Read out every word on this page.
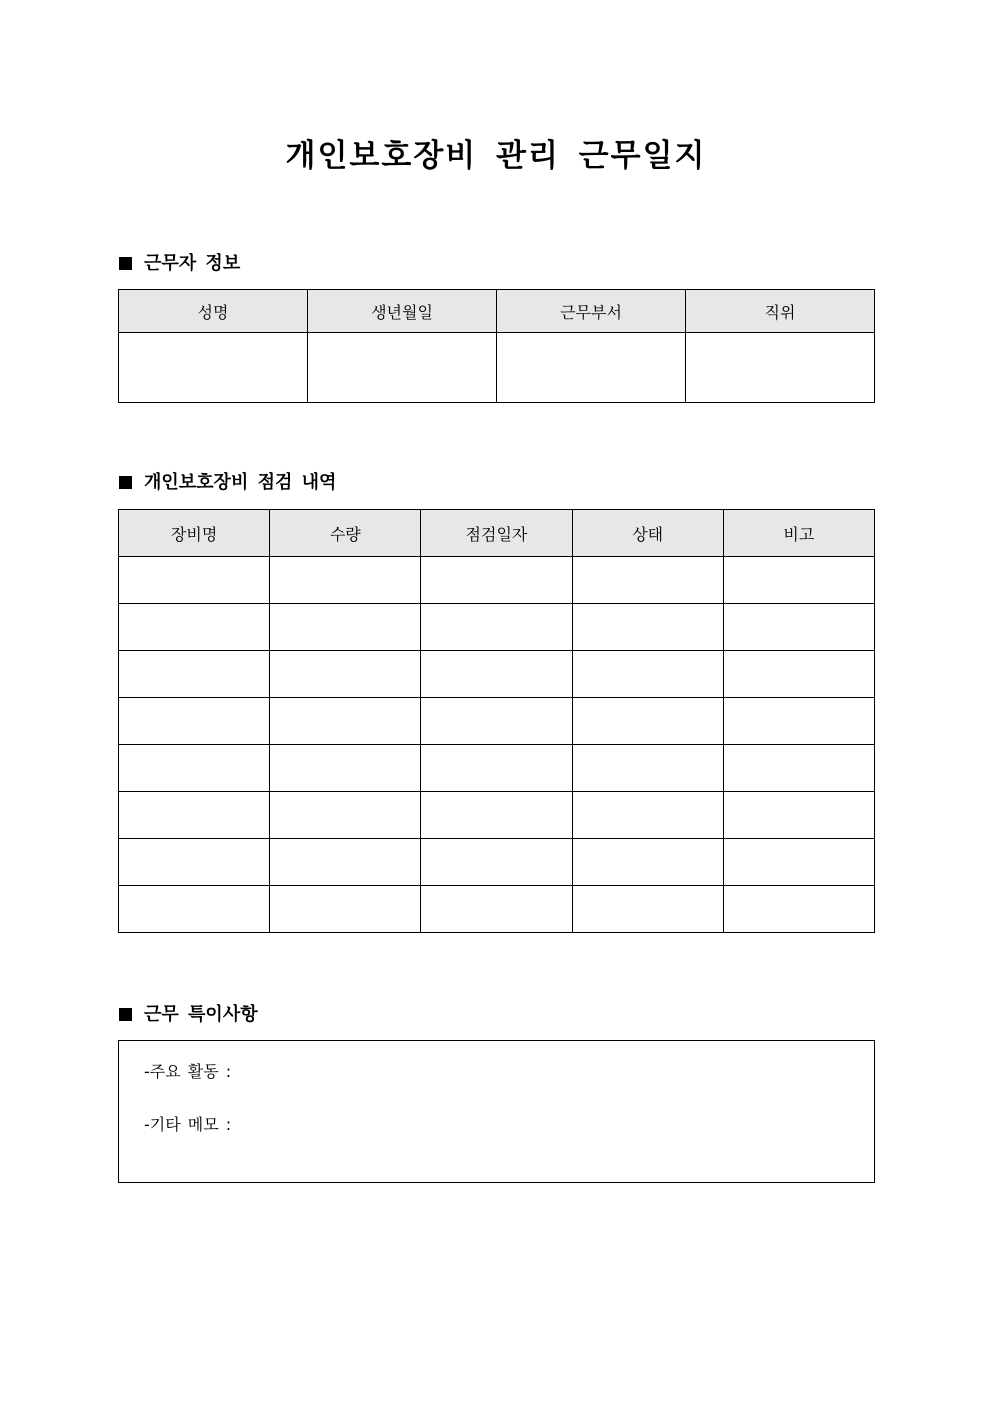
개인보호장비 관리 근무일지
근무자 정보
성명	생년월일	근무부서	직위

개인보호장비 점검 내역
장비명	수량	점검일자	상태	비고

근무 특이사항
-주요 활동 :
-기타 메모 :
